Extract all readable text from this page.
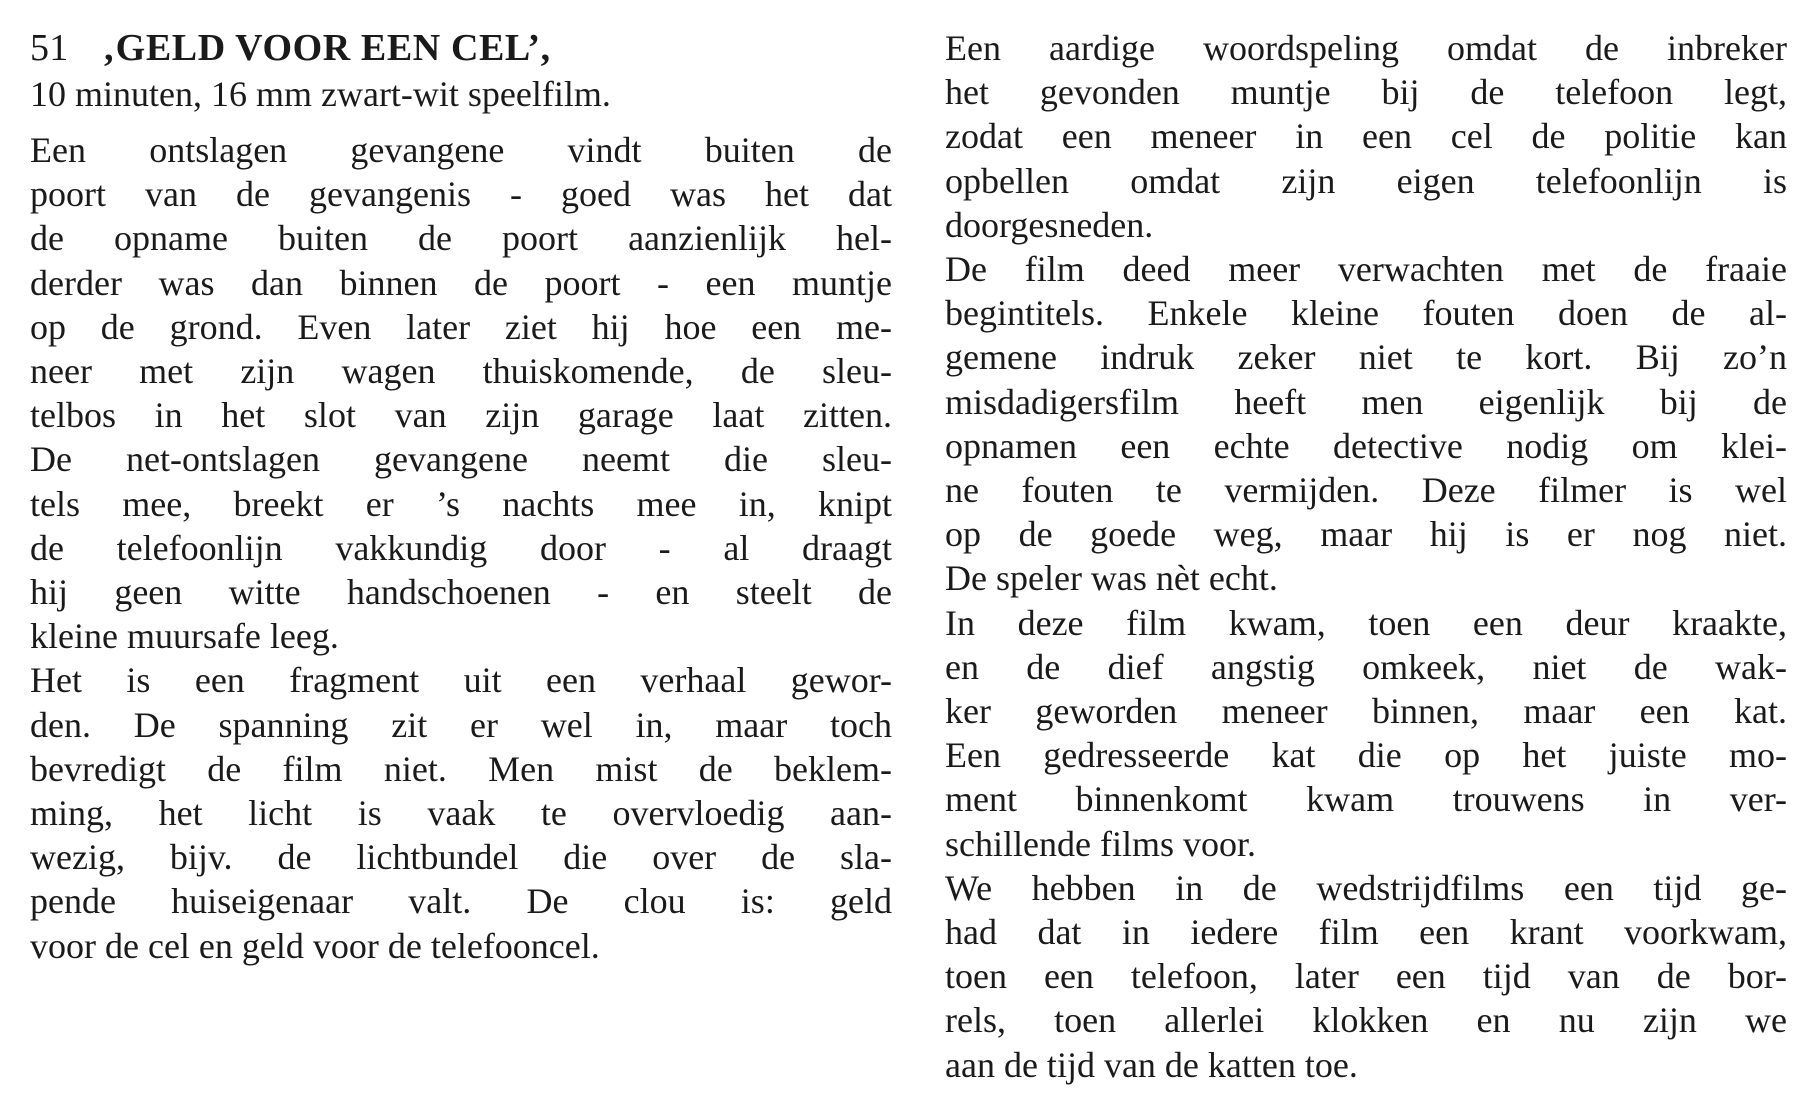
51 ‚GELD VOOR EEN CEL’,
10 minuten, 16 mm zwart-wit speelfilm.
Een ontslagen gevangene vindt buiten de
poort van de gevangenis - goed was het dat
de opname buiten de poort aanzienlijk hel-
derder was dan binnen de poort - een muntje
op de grond. Even later ziet hij hoe een me-
neer met zijn wagen thuiskomende, de sleu-
telbos in het slot van zijn garage laat zitten.
De net-ontslagen gevangene neemt die sleu-
tels mee, breekt er ’s nachts mee in, knipt
de telefoonlijn vakkundig door - al draagt
hij geen witte handschoenen - en steelt de
kleine muursafe leeg.
Het is een fragment uit een verhaal gewor-
den. De spanning zit er wel in, maar toch
bevredigt de film niet. Men mist de beklem-
ming, het licht is vaak te overvloedig aan-
wezig, bijv. de lichtbundel die over de sla-
pende huiseigenaar valt. De clou is: geld
voor de cel en geld voor de telefooncel.
Een aardige woordspeling omdat de inbreker
het gevonden muntje bij de telefoon legt,
zodat een meneer in een cel de politie kan
opbellen omdat zijn eigen telefoonlijn is
doorgesneden.
De film deed meer verwachten met de fraaie
begintitels. Enkele kleine fouten doen de al-
gemene indruk zeker niet te kort. Bij zo’n
misdadigersfilm heeft men eigenlijk bij de
opnamen een echte detective nodig om klei-
ne fouten te vermijden. Deze filmer is wel
op de goede weg, maar hij is er nog niet.
De speler was nèt echt.
In deze film kwam, toen een deur kraakte,
en de dief angstig omkeek, niet de wak-
ker geworden meneer binnen, maar een kat.
Een gedresseerde kat die op het juiste mo-
ment binnenkomt kwam trouwens in ver-
schillende films voor.
We hebben in de wedstrijdfilms een tijd ge-
had dat in iedere film een krant voorkwam,
toen een telefoon, later een tijd van de bor-
rels, toen allerlei klokken en nu zijn we
aan de tijd van de katten toe.
